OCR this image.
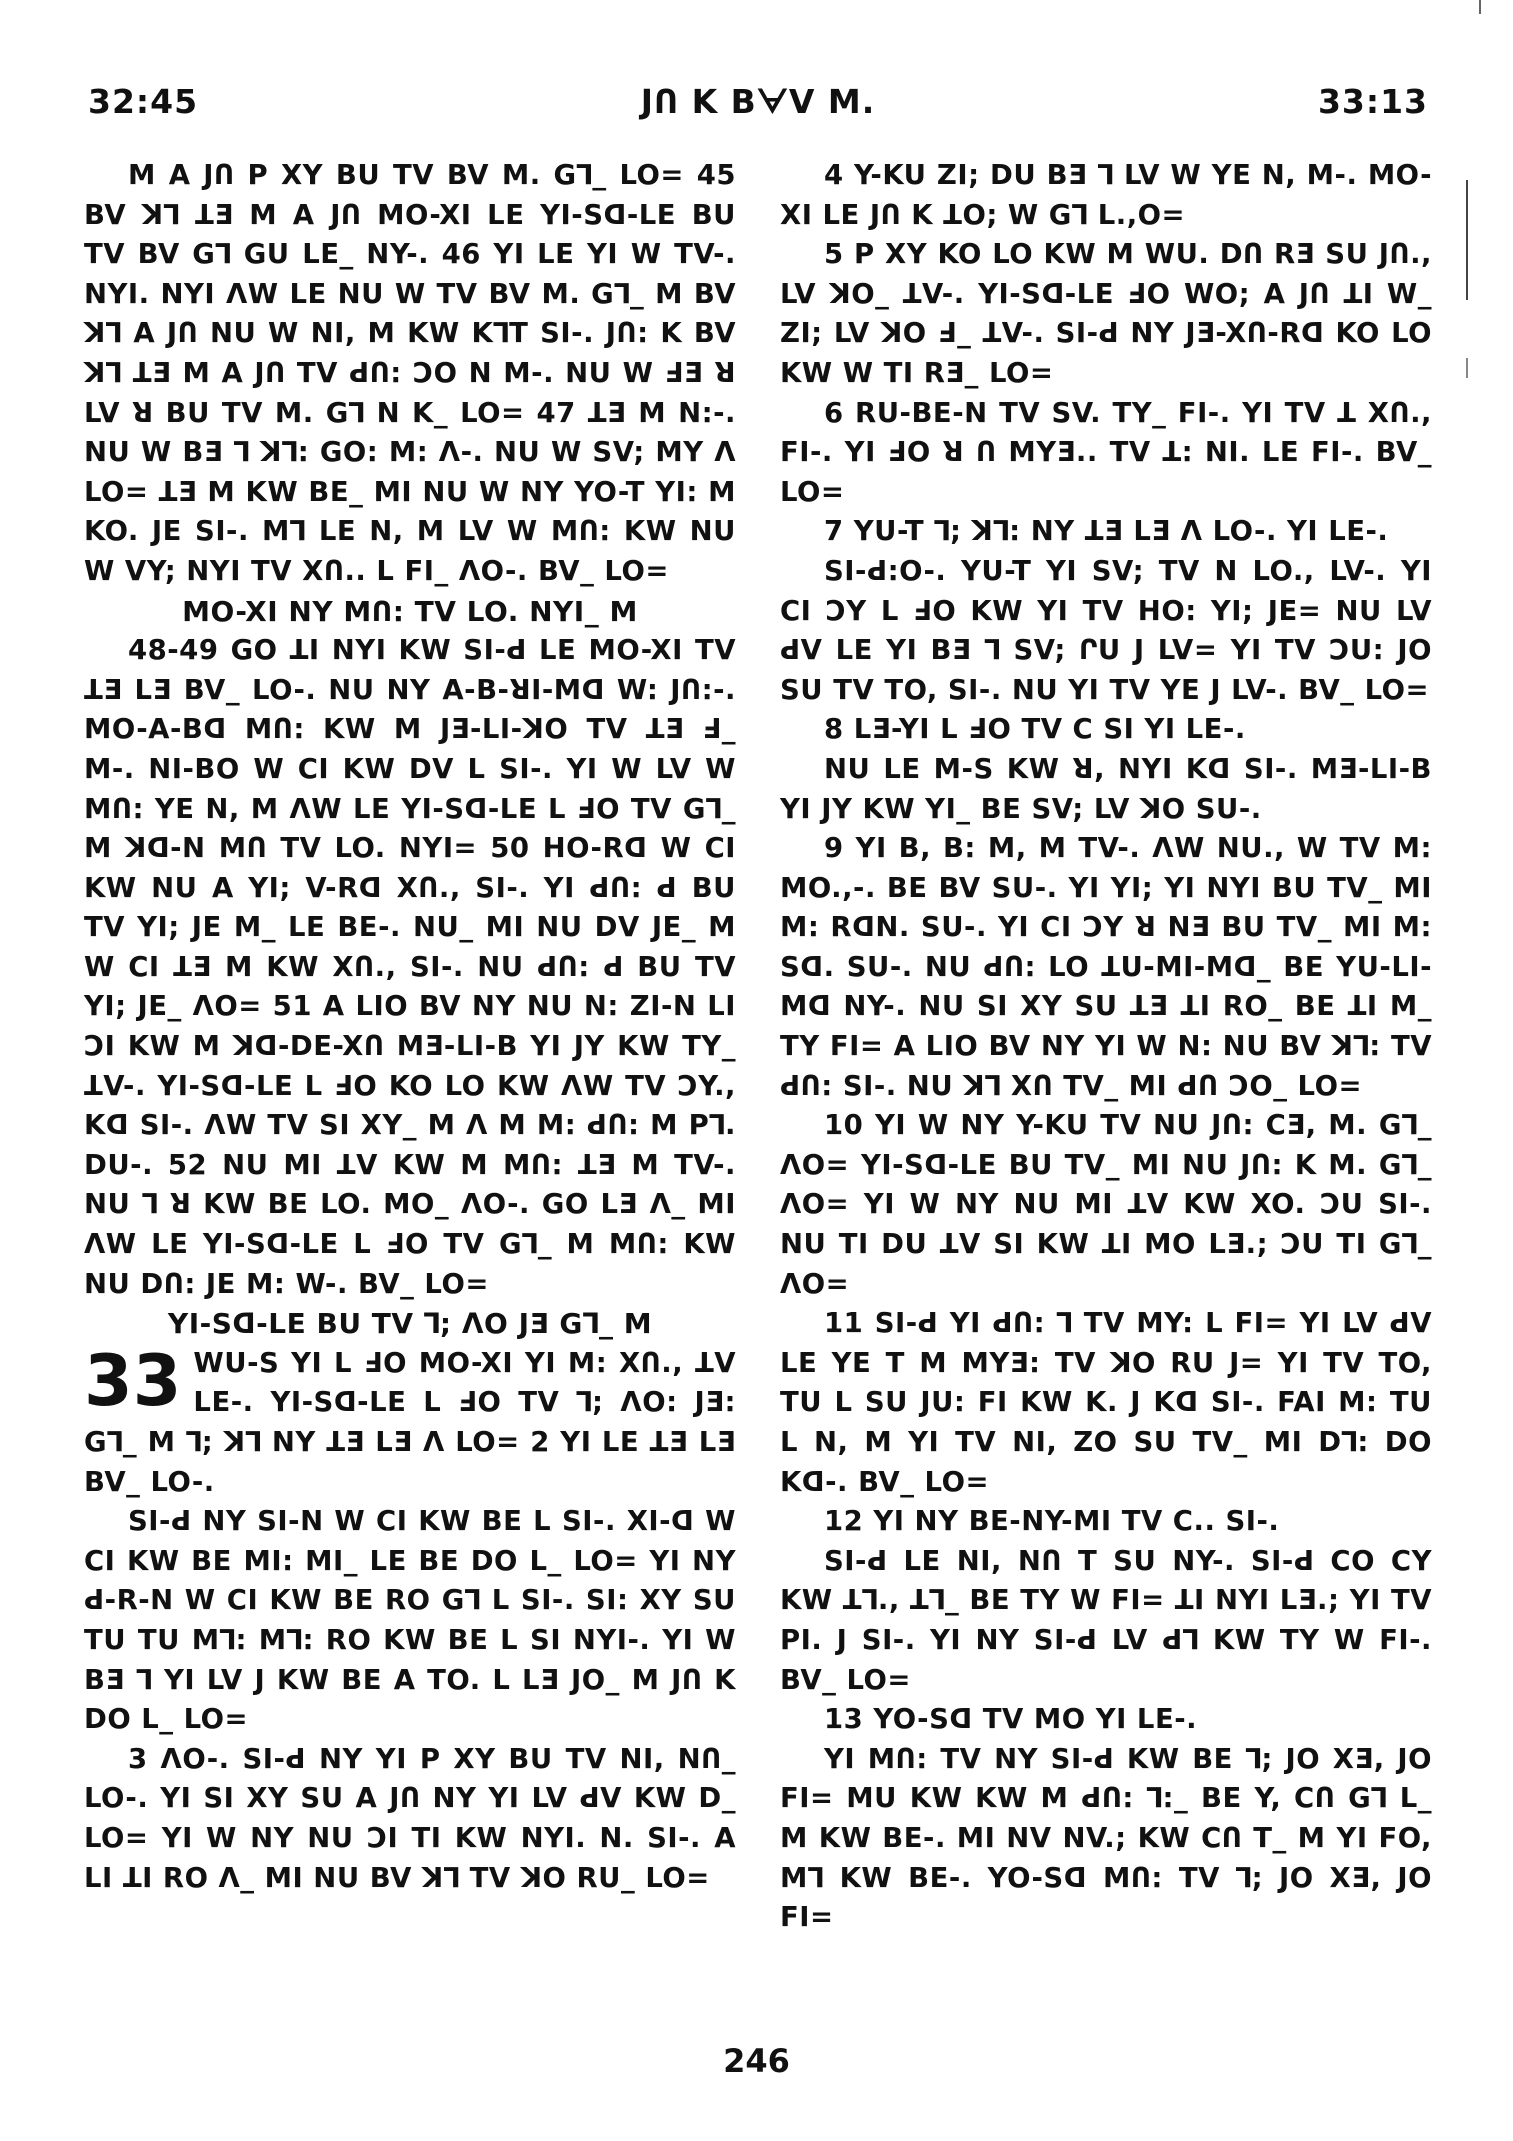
32:45	JՈ K BᗄV M.	33:13

M A JՈ P XY BU TV BV M. Gꓶ_ LO= 45 BV ꓘꓶ ꓕƎ M A JՈ MO-XI LE YI-Sꓷ-LE BU TV BV Gꓶ GU LE_ NY-. 46 YI LE YI W TV-. NYI. NYI ꓥW LE NU W TV BV M. Gꓶ_ M BV ꓘꓶ A JՈ NU W NI, M KW KꓶT SI-. JՈ: K BV ꓘꓶ ꓕƎ M A JՈ TV ꓒՈ: ƆO N M-. NU W ꓞƎ ꓤ LV ꓤ BU TV M. Gꓶ N K_ LO= 47 ꓕƎ M N:-. NU W BƎ ꓶ ꓘꓶ: GO: M: ꓥ-. NU W SV; MY ꓥ LO= ꓕƎ M KW BE_ MI NU W NY YO-T YI: M KO. JE SI-. Mꓶ LE N, M LV W MՈ: KW NU W VY; NYI TV XՈ.. L FI_ ꓥO-. BV_ LO=

MO-XI NY MՈ: TV LO. NYI_ M

48-49 GO ꓕI NYI KW SI-ꓒ LE MO-XI TV ꓕƎ LƎ BV_ LO-. NU NY A-B-ꓤI-Mꓷ W: JՈ:-. MO-A-Bꓷ MՈ: KW M JƎ-LI-ꓘO TV ꓕƎ ꓞ_ M-. NI-BO W CI KW DV L SI-. YI W LV W MՈ: YE N, M ꓥW LE YI-Sꓷ-LE L ꓞO TV Gꓶ_ M ꓘꓷ-N MՈ TV LO. NYI= 50 HO-Rꓷ W CI KW NU A YI; V-Rꓷ XՈ., SI-. YI ꓒՈ: ꓒ BU TV YI; JE M_ LE BE-. NU_ MI NU DV JE_ M W CI ꓕƎ M KW XՈ., SI-. NU ꓒՈ: ꓒ BU TV YI; JE_ ꓥO= 51 A LIO BV NY NU N: ZI-N LI ƆI KW M ꓘꓷ-DE-XՈ MƎ-LI-B YI JY KW TY_ ꓕV-. YI-Sꓷ-LE L ꓞO KO LO KW ꓥW TV ƆY., Kꓷ SI-. ꓥW TV SI XY_ M ꓥ M M: ꓒՈ: M Pꓶ. DU-. 52 NU MI ꓕV KW M MՈ: ꓕƎ M TV-. NU ꓶ ꓤ KW BE LO. MO_ ꓥO-. GO LƎ ꓥ_ MI ꓥW LE YI-Sꓷ-LE L ꓞO TV Gꓶ_ M MՈ: KW NU DՈ: JE M: W-. BV_ LO=

YI-Sꓷ-LE BU TV ꓶ; ꓥO JƎ Gꓶ_ M

33 WU-S YI L ꓞO MO-XI YI M: XՈ., ꓕV LE-. YI-Sꓷ-LE L ꓞO TV ꓶ; ꓥO: JƎ: Gꓶ_ M ꓶ; ꓘꓶ NY ꓕƎ LƎ ꓥ LO= 2 YI LE ꓕƎ LƎ BV_ LO-.

SI-ꓒ NY SI-N W CI KW BE L SI-. XI-ꓷ W CI KW BE MI: MI_ LE BE DO L_ LO= YI NY ꓒ-R-N W CI KW BE RO Gꓶ L SI-. SI: XY SU TU TU Mꓶ: Mꓶ: RO KW BE L SI NYI-. YI W BƎ ꓶ YI LV J KW BE A TO. L LƎ JO_ M JՈ K DO L_ LO=

3 ꓥO-. SI-ꓒ NY YI P XY BU TV NI, NՈ_ LO-. YI SI XY SU A JՈ NY YI LV ꓒV KW D_ LO= YI W NY NU ƆI TI KW NYI. N. SI-. A LI ꓕI RO ꓥ_ MI NU BV ꓘꓶ TV ꓘO RU_ LO=

4 Y-KU ZI; DU BƎ ꓶ LV W YE N, M-. MO-XI LE JՈ K ꓕO; W Gꓶ L.,O=

5 P XY KO LO KW M WU. DՈ RƎ SU JՈ., LV ꓘO_ ꓕV-. YI-Sꓷ-LE ꓞO WO; A JՈ ꓕI W_ ZI; LV ꓘO ꓞ_ ꓕV-. SI-ꓒ NY JƎ-XՈ-Rꓷ KO LO KW W TI RƎ_ LO=

6 RU-BE-N TV SV. TY_ FI-. YI TV ꓕ XՈ., FI-. YI ꓞO ꓤ Ո MYƎ.. TV ꓕ: NI. LE FI-. BV_ LO=

7 YU-T ꓶ; ꓘꓶ: NY ꓕƎ LƎ ꓥ LO-. YI LE-.

SI-ꓒ:O-. YU-T YI SV; TV N LO., LV-. YI CI ƆY L ꓞO KW YI TV HO: YI; JE= NU LV ꓒV LE YI BƎ ꓶ SV; ՐU J LV= YI TV ƆU: JO SU TV TO, SI-. NU YI TV YE J LV-. BV_ LO=

8 LƎ-YI L ꓞO TV C SI YI LE-.

NU LE M-S KW ꓤ, NYI Kꓷ SI-. MƎ-LI-B YI JY KW YI_ BE SV; LV ꓘO SU-.

9 YI B, B: M, M TV-. ꓥW NU., W TV M: MO.,-. BE BV SU-. YI YI; YI NYI BU TV_ MI M: RꓷN. SU-. YI CI ƆY ꓤ NƎ BU TV_ MI M: Sꓷ. SU-. NU ꓒՈ: LO ꓕU-MI-Mꓷ_ BE YU-LI-Mꓷ NY-. NU SI XY SU ꓕƎ ꓕI RO_ BE ꓕI M_ TY FI= A LIO BV NY YI W N: NU BV ꓘꓶ: TV ꓒՈ: SI-. NU ꓘꓶ XՈ TV_ MI ꓒՈ ƆO_ LO=

10 YI W NY Y-KU TV NU JՈ: CƎ, M. Gꓶ_ ꓥO= YI-Sꓷ-LE BU TV_ MI NU JՈ: K M. Gꓶ_ ꓥO= YI W NY NU MI ꓕV KW XO. ƆU SI-. NU TI DU ꓕV SI KW ꓕI MO LƎ.; ƆU TI Gꓶ_ ꓥO=

11 SI-ꓒ YI ꓒՈ: ꓶ TV MY: L FI= YI LV ꓒV LE YE T M MYƎ: TV ꓘO RU J= YI TV TO, TU L SU JU: FI KW K. J Kꓷ SI-. FAI M: TU L N, M YI TV NI, ZO SU TV_ MI Dꓶ: DO Kꓷ-. BV_ LO=

12 YI NY BE-NY-MI TV C.. SI-.

SI-ꓒ LE NI, NՈ T SU NY-. SI-ꓒ CO CY KW ꓕꓶ., ꓕꓶ_ BE TY W FI= ꓕI NYI LƎ.; YI TV PI. J SI-. YI NY SI-ꓒ LV ꓒꓶ KW TY W FI-. BV_ LO=

13 YO-Sꓷ TV MO YI LE-.

YI MՈ: TV NY SI-ꓒ KW BE ꓶ; JO XƎ, JO FI= MU KW KW M ꓒՈ: ꓶ:_ BE Y, CՈ Gꓶ L_ M KW BE-. MI NV NV.; KW CՈ T_ M YI FO, Mꓶ KW BE-. YO-Sꓷ MՈ: TV ꓶ; JO XƎ, JO FI=

246
